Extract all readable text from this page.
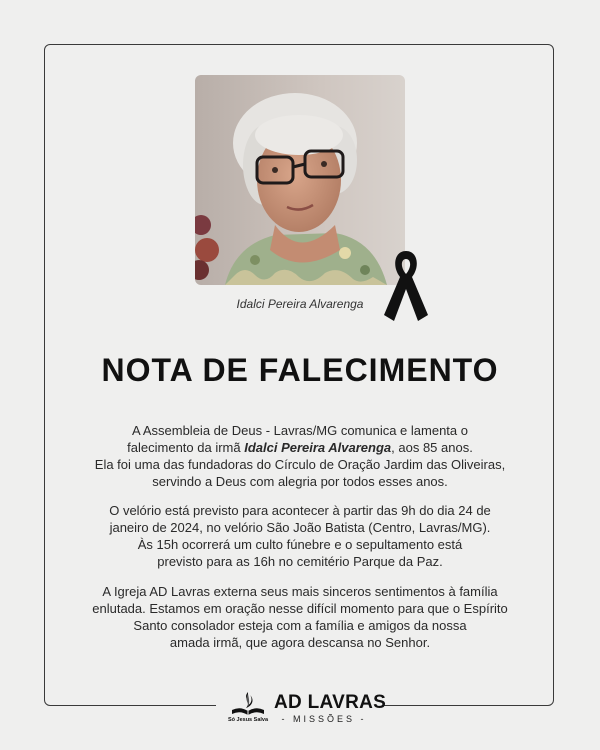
Idalci Pereira Alvarenga
NOTA DE FALECIMENTO
A Assembleia de Deus - Lavras/MG comunica e lamenta o
falecimento da irmã Idalci Pereira Alvarenga, aos 85 anos.
Ela foi uma das fundadoras do Círculo de Oração Jardim das Oliveiras,
servindo a Deus com alegria por todos esses anos.
O velório está previsto para acontecer à partir das 9h do dia 24 de
janeiro de 2024, no velório São João Batista (Centro, Lavras/MG).
Às 15h ocorrerá um culto fúnebre e o sepultamento está
previsto para as 16h no cemitério Parque da Paz.
A Igreja AD Lavras externa seus mais sinceros sentimentos à família
enlutada. Estamos em oração nesse difícil momento para que o Espírito
Santo consolador esteja com a família e amigos da nossa
amada irmã, que agora descansa no Senhor.
Só Jesus Salva
AD LAVRAS
- MISSÕES -
